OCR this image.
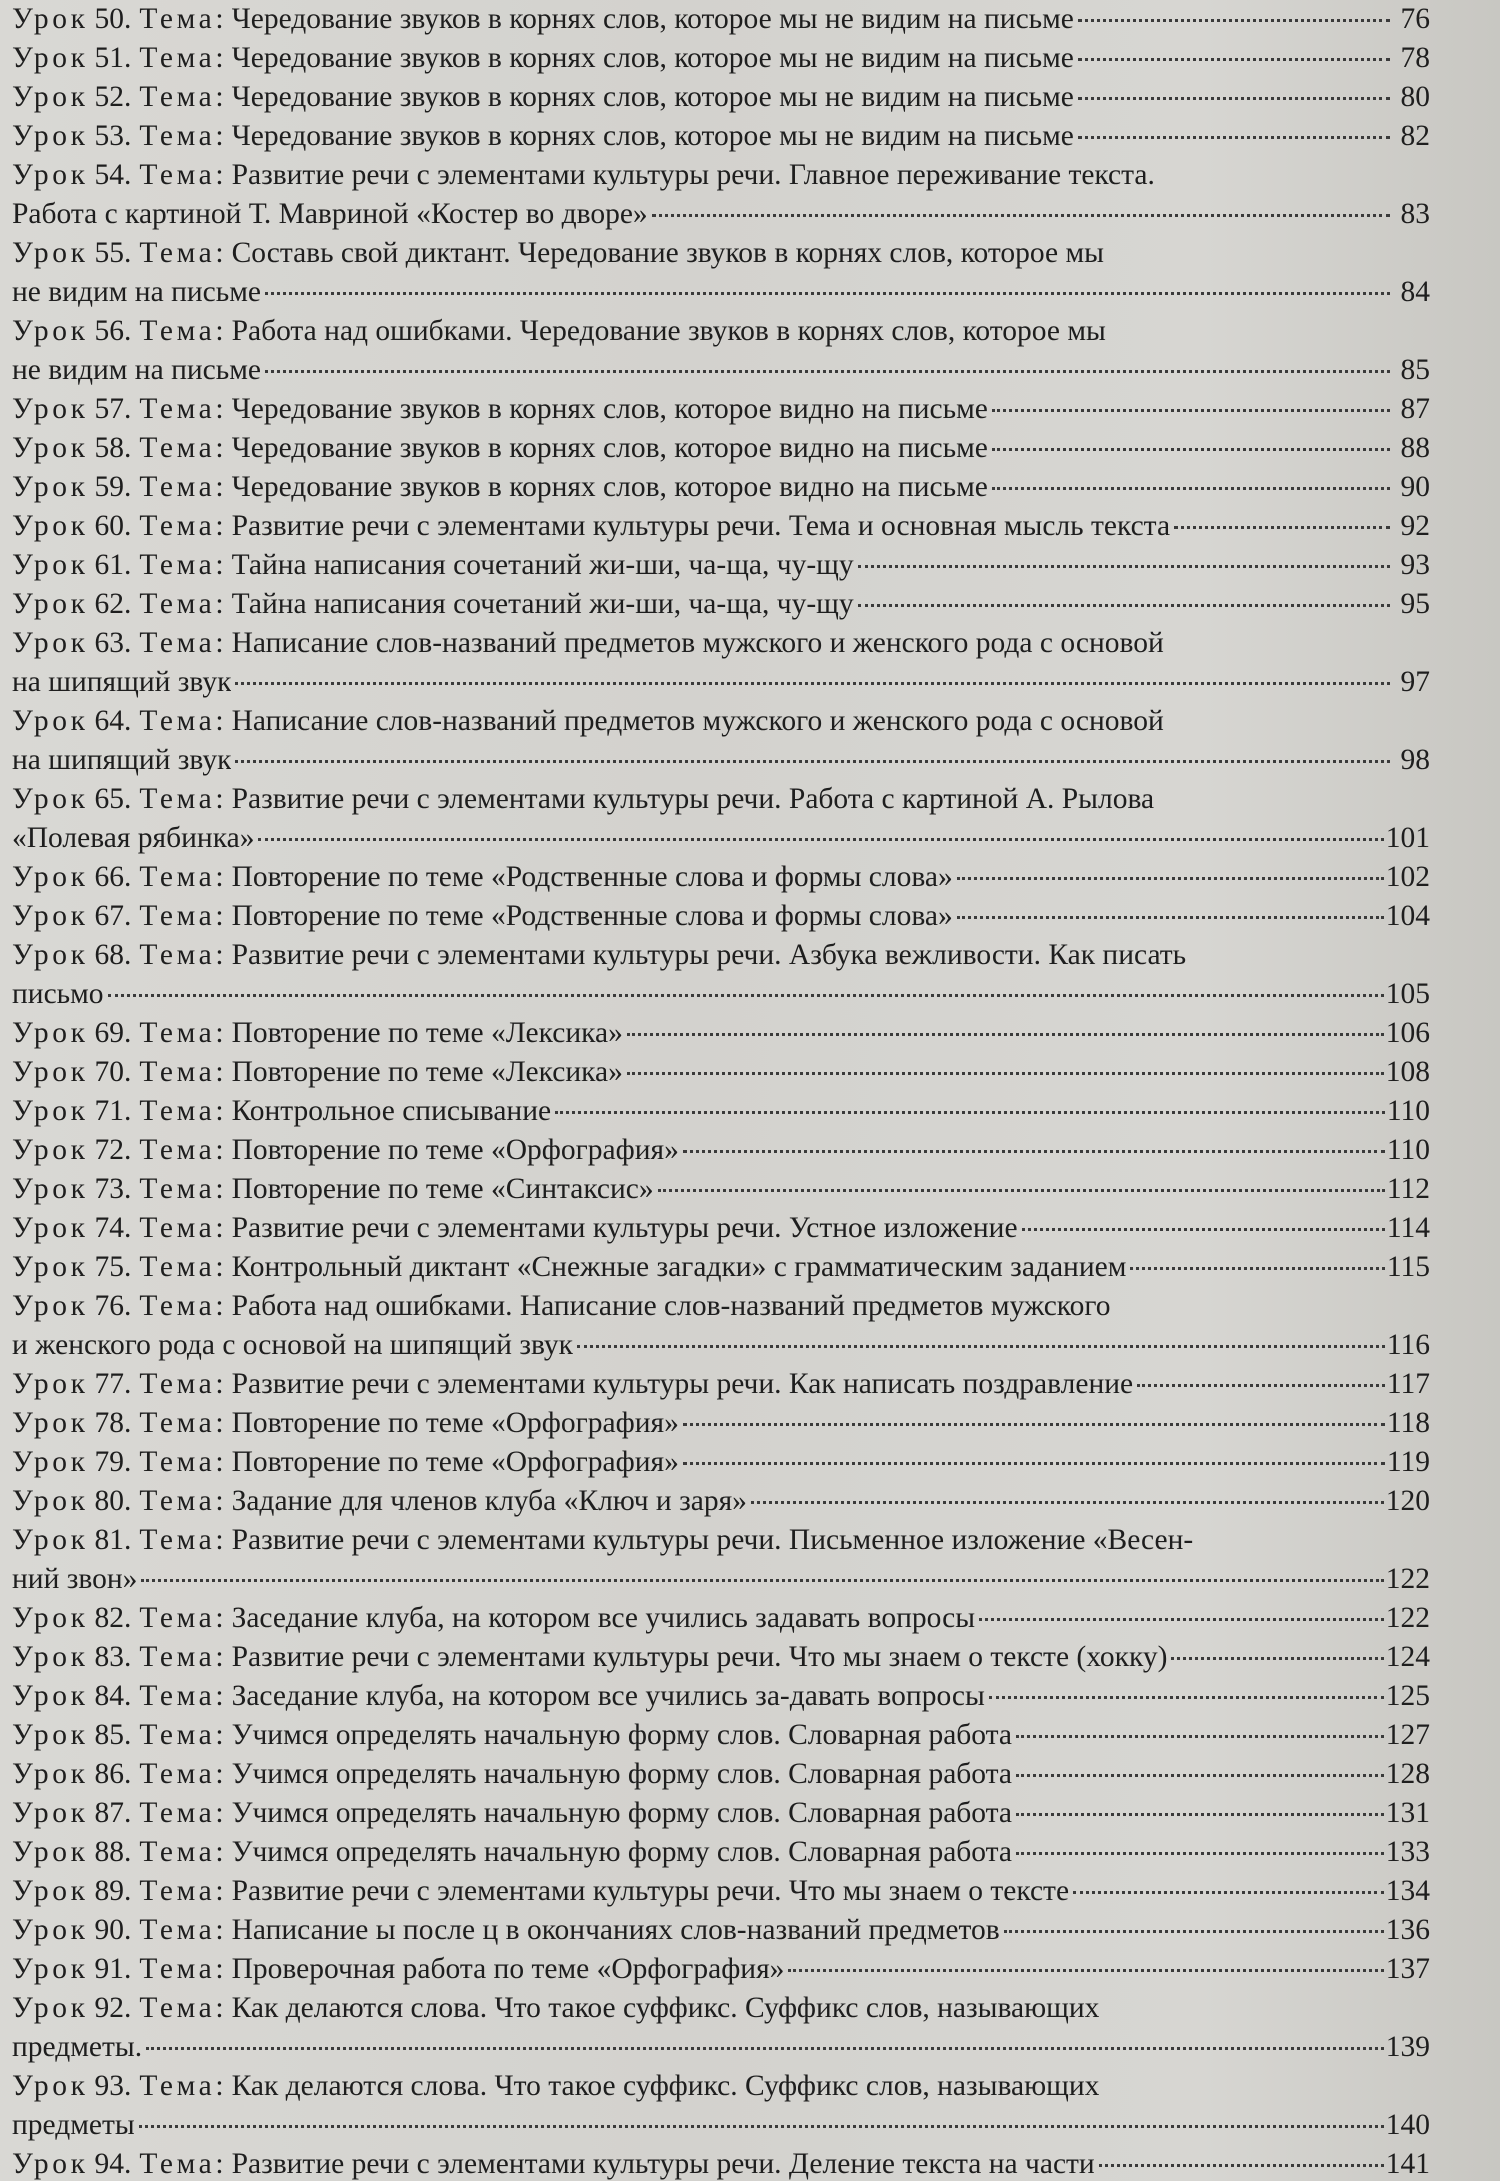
Урок 50. Тема : Чередование звуков в корнях слов, которое мы не видим на письме	76
Урок 51. Тема : Чередование звуков в корнях слов, которое мы не видим на письме	78
Урок 52. Тема : Чередование звуков в корнях слов, которое мы не видим на письме	80
Урок 53. Тема : Чередование звуков в корнях слов, которое мы не видим на письме	82
Урок 54. Тема : Развитие речи с элементами культуры речи. Главное переживание текста.
Работа с картиной Т. Мавриной «Костер во дворе»	83
Урок 55. Тема : Составь свой диктант. Чередование звуков в корнях слов, которое мы
не видим на письме	84
Урок 56. Тема : Работа над ошибками. Чередование звуков в корнях слов, которое мы
не видим на письме	85
Урок 57. Тема : Чередование звуков в корнях слов, которое видно на письме	87
Урок 58. Тема : Чередование звуков в корнях слов, которое видно на письме	88
Урок 59. Тема : Чередование звуков в корнях слов, которое видно на письме	90
Урок 60. Тема : Развитие речи с элементами культуры речи. Тема и основная мысль текста	92
Урок 61. Тема : Тайна написания сочетаний жи-ши, ча-ща, чу-щу	93
Урок 62. Тема : Тайна написания сочетаний жи-ши, ча-ща, чу-щу	95
Урок 63. Тема : Написание слов-названий предметов мужского и женского рода с основой
на шипящий звук	97
Урок 64. Тема : Написание слов-названий предметов мужского и женского рода с основой
на шипящий звук	98
Урок 65. Тема : Развитие речи с элементами культуры речи. Работа с картиной А. Рылова
«Полевая рябинка»	101
Урок 66. Тема : Повторение по теме «Родственные слова и формы слова»	102
Урок 67. Тема : Повторение по теме «Родственные слова и формы слова»	104
Урок 68. Тема : Развитие речи с элементами культуры речи. Азбука вежливости. Как писать
письмо	105
Урок 69. Тема : Повторение по теме «Лексика»	106
Урок 70. Тема : Повторение по теме «Лексика»	108
Урок 71. Тема : Контрольное списывание	110
Урок 72. Тема : Повторение по теме «Орфография»	110
Урок 73. Тема : Повторение по теме «Синтаксис»	112
Урок 74. Тема : Развитие речи с элементами культуры речи. Устное изложение	114
Урок 75. Тема : Контрольный диктант «Снежные загадки» с грамматическим заданием	115
Урок 76. Тема : Работа над ошибками. Написание слов-названий предметов мужского
и женского рода с основой на шипящий звук	116
Урок 77. Тема : Развитие речи с элементами культуры речи. Как написать поздравление	117
Урок 78. Тема : Повторение по теме «Орфография»	118
Урок 79. Тема : Повторение по теме «Орфография»	119
Урок 80. Тема : Задание для членов клуба «Ключ и заря»	120
Урок 81. Тема : Развитие речи с элементами культуры речи. Письменное изложение «Весен-
ний звон»	122
Урок 82. Тема : Заседание клуба, на котором все учились задавать вопросы	122
Урок 83. Тема : Развитие речи с элементами культуры речи. Что мы знаем о тексте (хокку)	124
Урок 84. Тема : Заседание клуба, на котором все учились за-давать вопросы	125
Урок 85. Тема : Учимся определять начальную форму слов. Словарная работа	127
Урок 86. Тема : Учимся определять начальную форму слов. Словарная работа	128
Урок 87. Тема : Учимся определять начальную форму слов. Словарная работа	131
Урок 88. Тема : Учимся определять начальную форму слов. Словарная работа	133
Урок 89. Тема : Развитие речи с элементами культуры речи. Что мы знаем о тексте	134
Урок 90. Тема : Написание ы после ц в окончаниях слов-названий предметов	136
Урок 91. Тема : Проверочная работа по теме «Орфография»	137
Урок 92. Тема : Как делаются слова. Что такое суффикс. Суффикс слов, называющих
предметы.	139
Урок 93. Тема : Как делаются слова. Что такое суффикс. Суффикс слов, называющих
предметы	140
Урок 94. Тема : Развитие речи с элементами культуры речи. Деление текста на части	141
